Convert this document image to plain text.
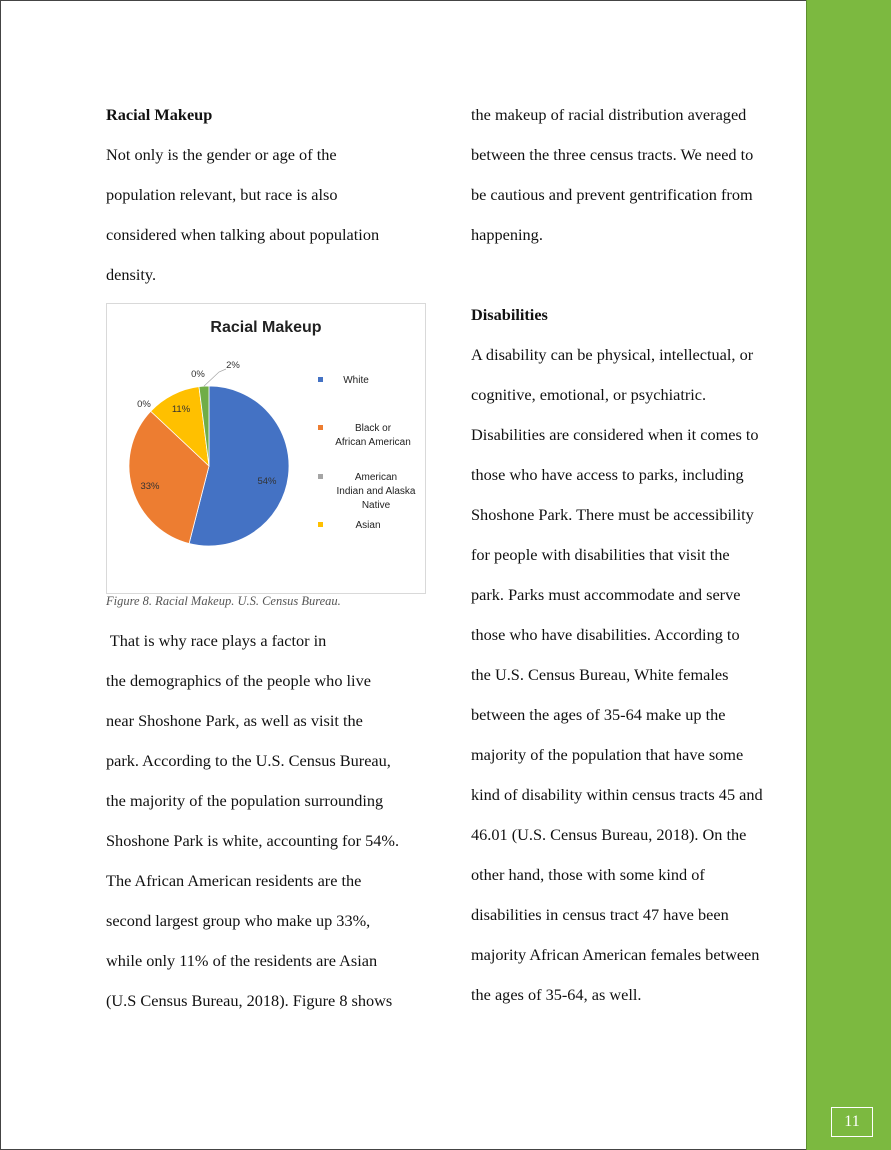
11
Racial Makeup
Not only is the gender or age of the
population relevant, but race is also
considered when talking about population
density.
Racial Makeup
54%
33%
0% 11%
0%
2%
White
Black or
African American
American
Indian and Alaska
Native
Asian
Figure 8. Racial Makeup. U.S. Census Bureau.
That is why race plays a factor in
the demographics of the people who live
near Shoshone Park, as well as visit the
park. According to the U.S. Census Bureau,
the majority of the population surrounding
Shoshone Park is white, accounting for 54%.
The African American residents are the
second largest group who make up 33%,
while only 11% of the residents are Asian
(U.S Census Bureau, 2018). Figure 8 shows
the makeup of racial distribution averaged
between the three census tracts. We need to
be cautious and prevent gentrification from
happening.
Disabilities
A disability can be physical, intellectual, or
cognitive, emotional, or psychiatric.
Disabilities are considered when it comes to
those who have access to parks, including
Shoshone Park. There must be accessibility
for people with disabilities that visit the
park. Parks must accommodate and serve
those who have disabilities. According to
the U.S. Census Bureau, White females
between the ages of 35-64 make up the
majority of the population that have some
kind of disability within census tracts 45 and
46.01 (U.S. Census Bureau, 2018). On the
other hand, those with some kind of
disabilities in census tract 47 have been
majority African American females between
the ages of 35-64, as well.
